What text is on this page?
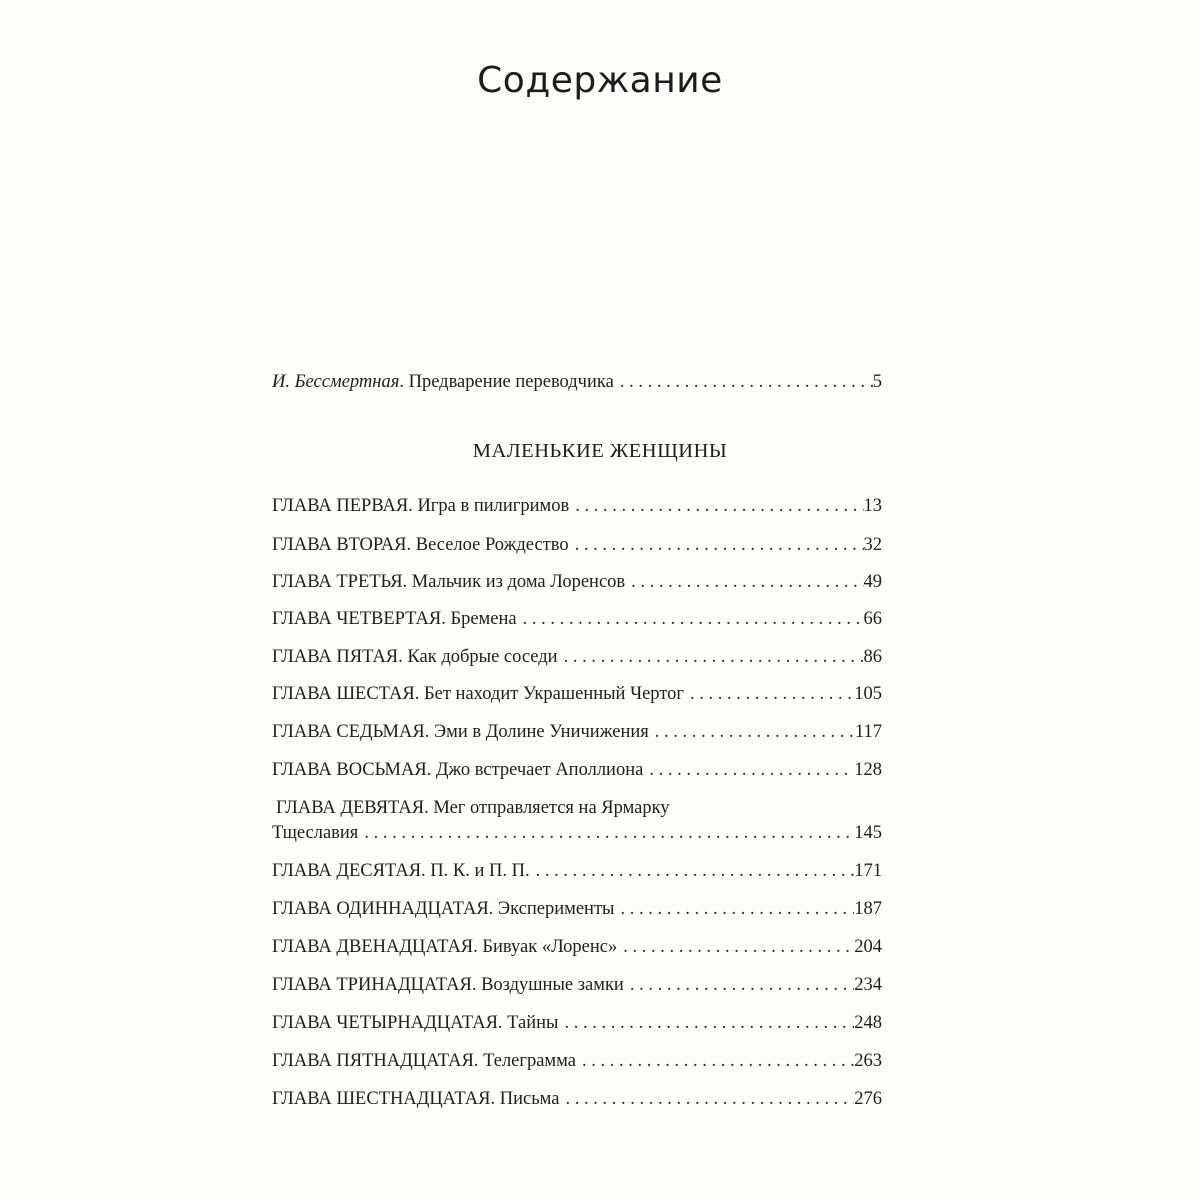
Содержание
И. Бессмертная. Предварение переводчика . . .	5
МАЛЕНЬКИЕ ЖЕНЩИНЫ
ГЛАВА ПЕРВАЯ. Игра в пилигримов . . .	13
ГЛАВА ВТОРАЯ. Веселое Рождество . . .	32
ГЛАВА ТРЕТЬЯ. Мальчик из дома Лоренсов . . .	49
ГЛАВА ЧЕТВЕРТАЯ. Бремена . . .	66
ГЛАВА ПЯТАЯ. Как добрые соседи . . .	86
ГЛАВА ШЕСТАЯ. Бет находит Украшенный Чертог . . .	105
ГЛАВА СЕДЬМАЯ. Эми в Долине Уничижения . . .	117
ГЛАВА ВОСЬМАЯ. Джо встречает Аполлиона . . .	128
ГЛАВА ДЕВЯТАЯ. Мег отправляется на Ярмарку
Тщеславия . . .	145
ГЛАВА ДЕСЯТАЯ. П. К. и П. П. . . .	171
ГЛАВА ОДИННАДЦАТАЯ. Эксперименты . . .	187
ГЛАВА ДВЕНАДЦАТАЯ. Бивуак «Лоренс» . . .	204
ГЛАВА ТРИНАДЦАТАЯ. Воздушные замки . . .	234
ГЛАВА ЧЕТЫРНАДЦАТАЯ. Тайны . . .	248
ГЛАВА ПЯТНАДЦАТАЯ. Телеграмма . . .	263
ГЛАВА ШЕСТНАДЦАТАЯ. Письма . . .	276
